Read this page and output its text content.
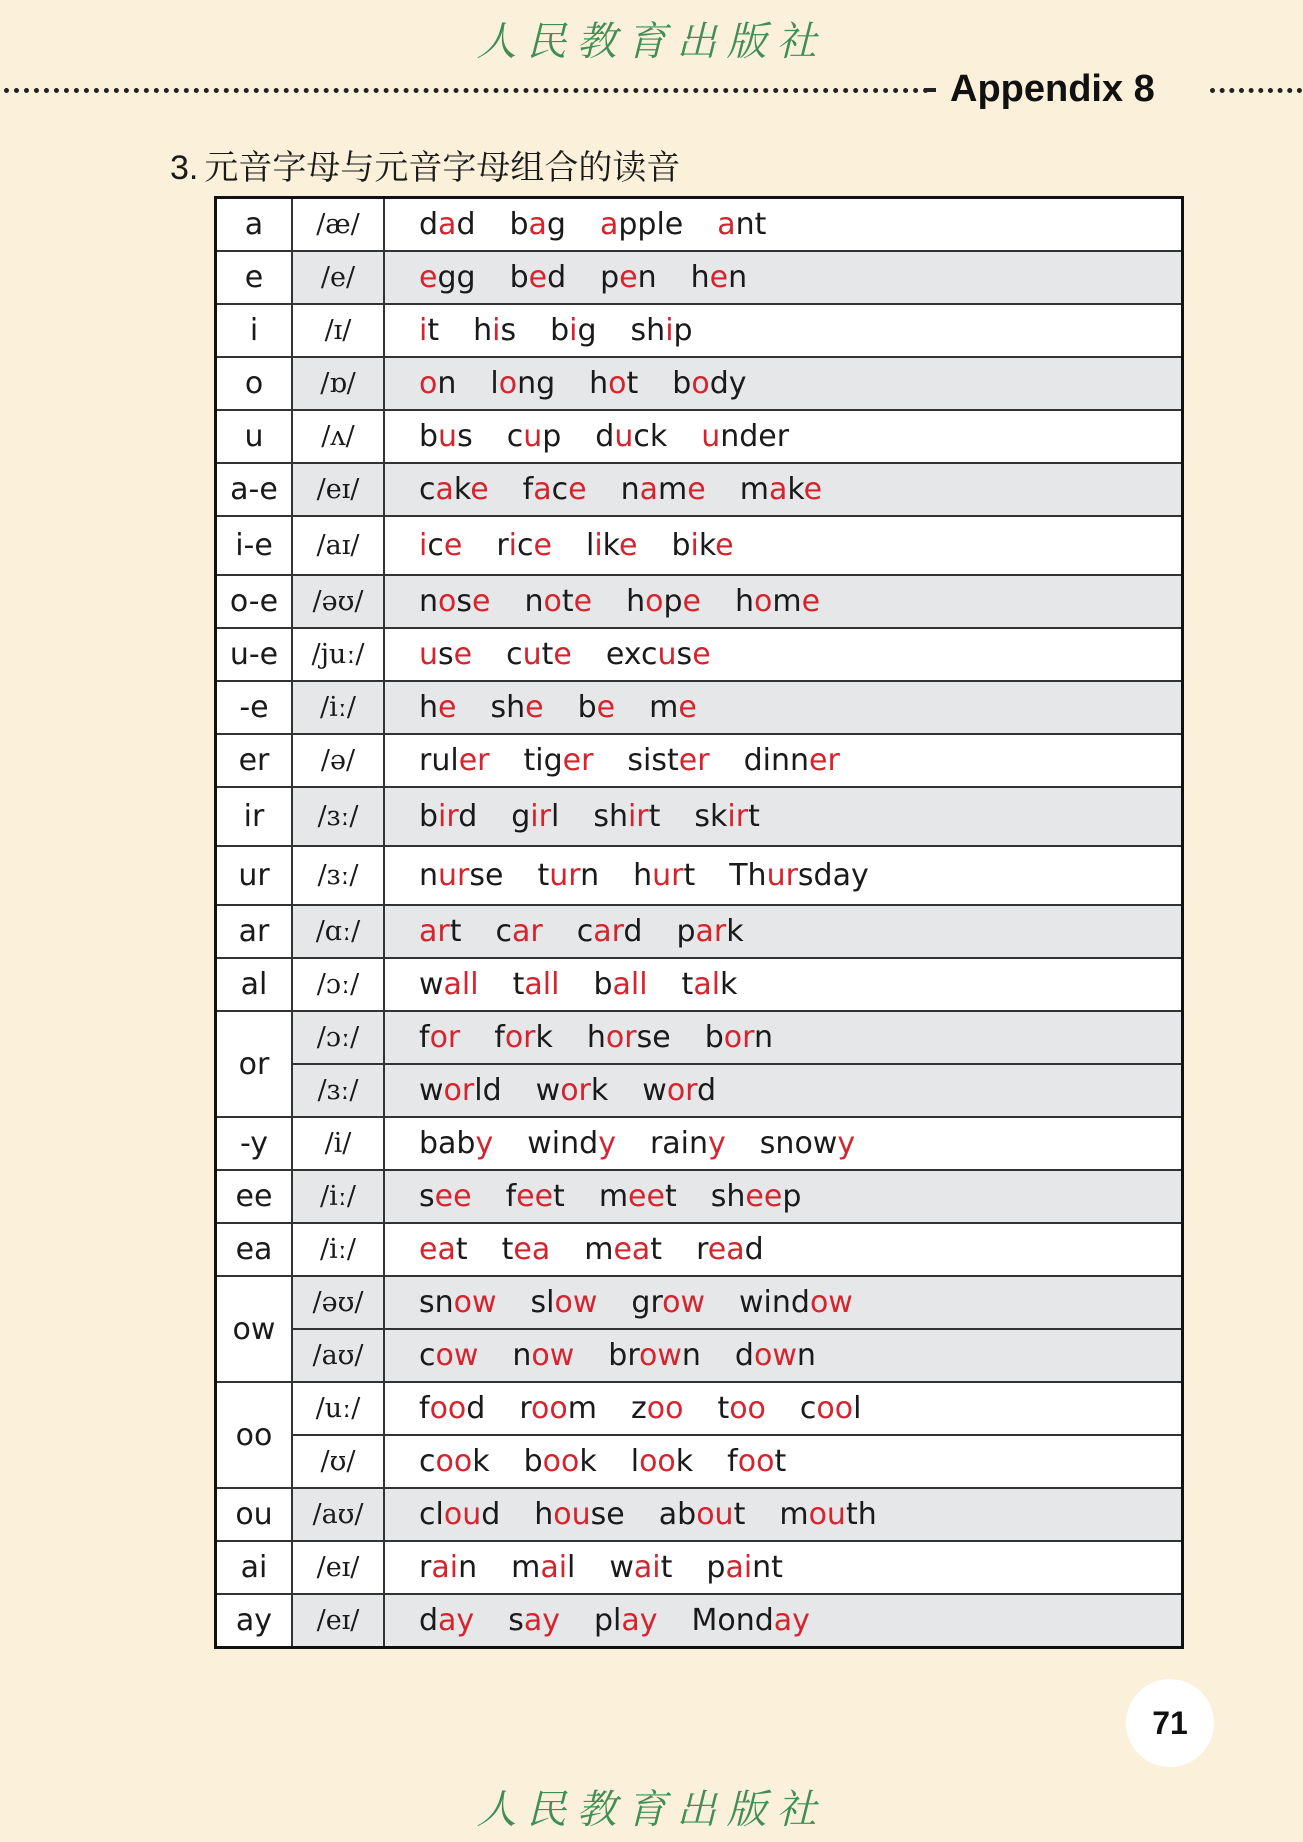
人民教育出版社
Appendix 8
3. 元音字母与元音字母组合的读音
a	/æ/	dad bag apple ant
e	/e/	egg bed pen hen
i	/ɪ/	it his big ship
o	/ɒ/	on long hot body
u	/ʌ/	bus cup duck under
a-e	/eɪ/	cake face name make
i-e	/aɪ/	ice rice like bike
o-e	/əʊ/	nose note hope home
u-e	/juː/	use cute excuse
-e	/iː/	he she be me
er	/ə/	ruler tiger sister dinner
ir	/ɜː/	bird girl shirt skirt
ur	/ɜː/	nurse turn hurt Thursday
ar	/ɑː/	art car card park
al	/ɔː/	wall tall ball talk
or	/ɔː/	for fork horse born
	/ɜː/	world work word
-y	/i/	baby windy rainy snowy
ee	/iː/	see feet meet sheep
ea	/iː/	eat tea meat read
ow	/əʊ/	snow slow grow window
	/aʊ/	cow now brown down
oo	/uː/	food room zoo too cool
	/ʊ/	cook book look foot
ou	/aʊ/	cloud house about mouth
ai	/eɪ/	rain mail wait paint
ay	/eɪ/	day say play Monday
71
人民教育出版社
